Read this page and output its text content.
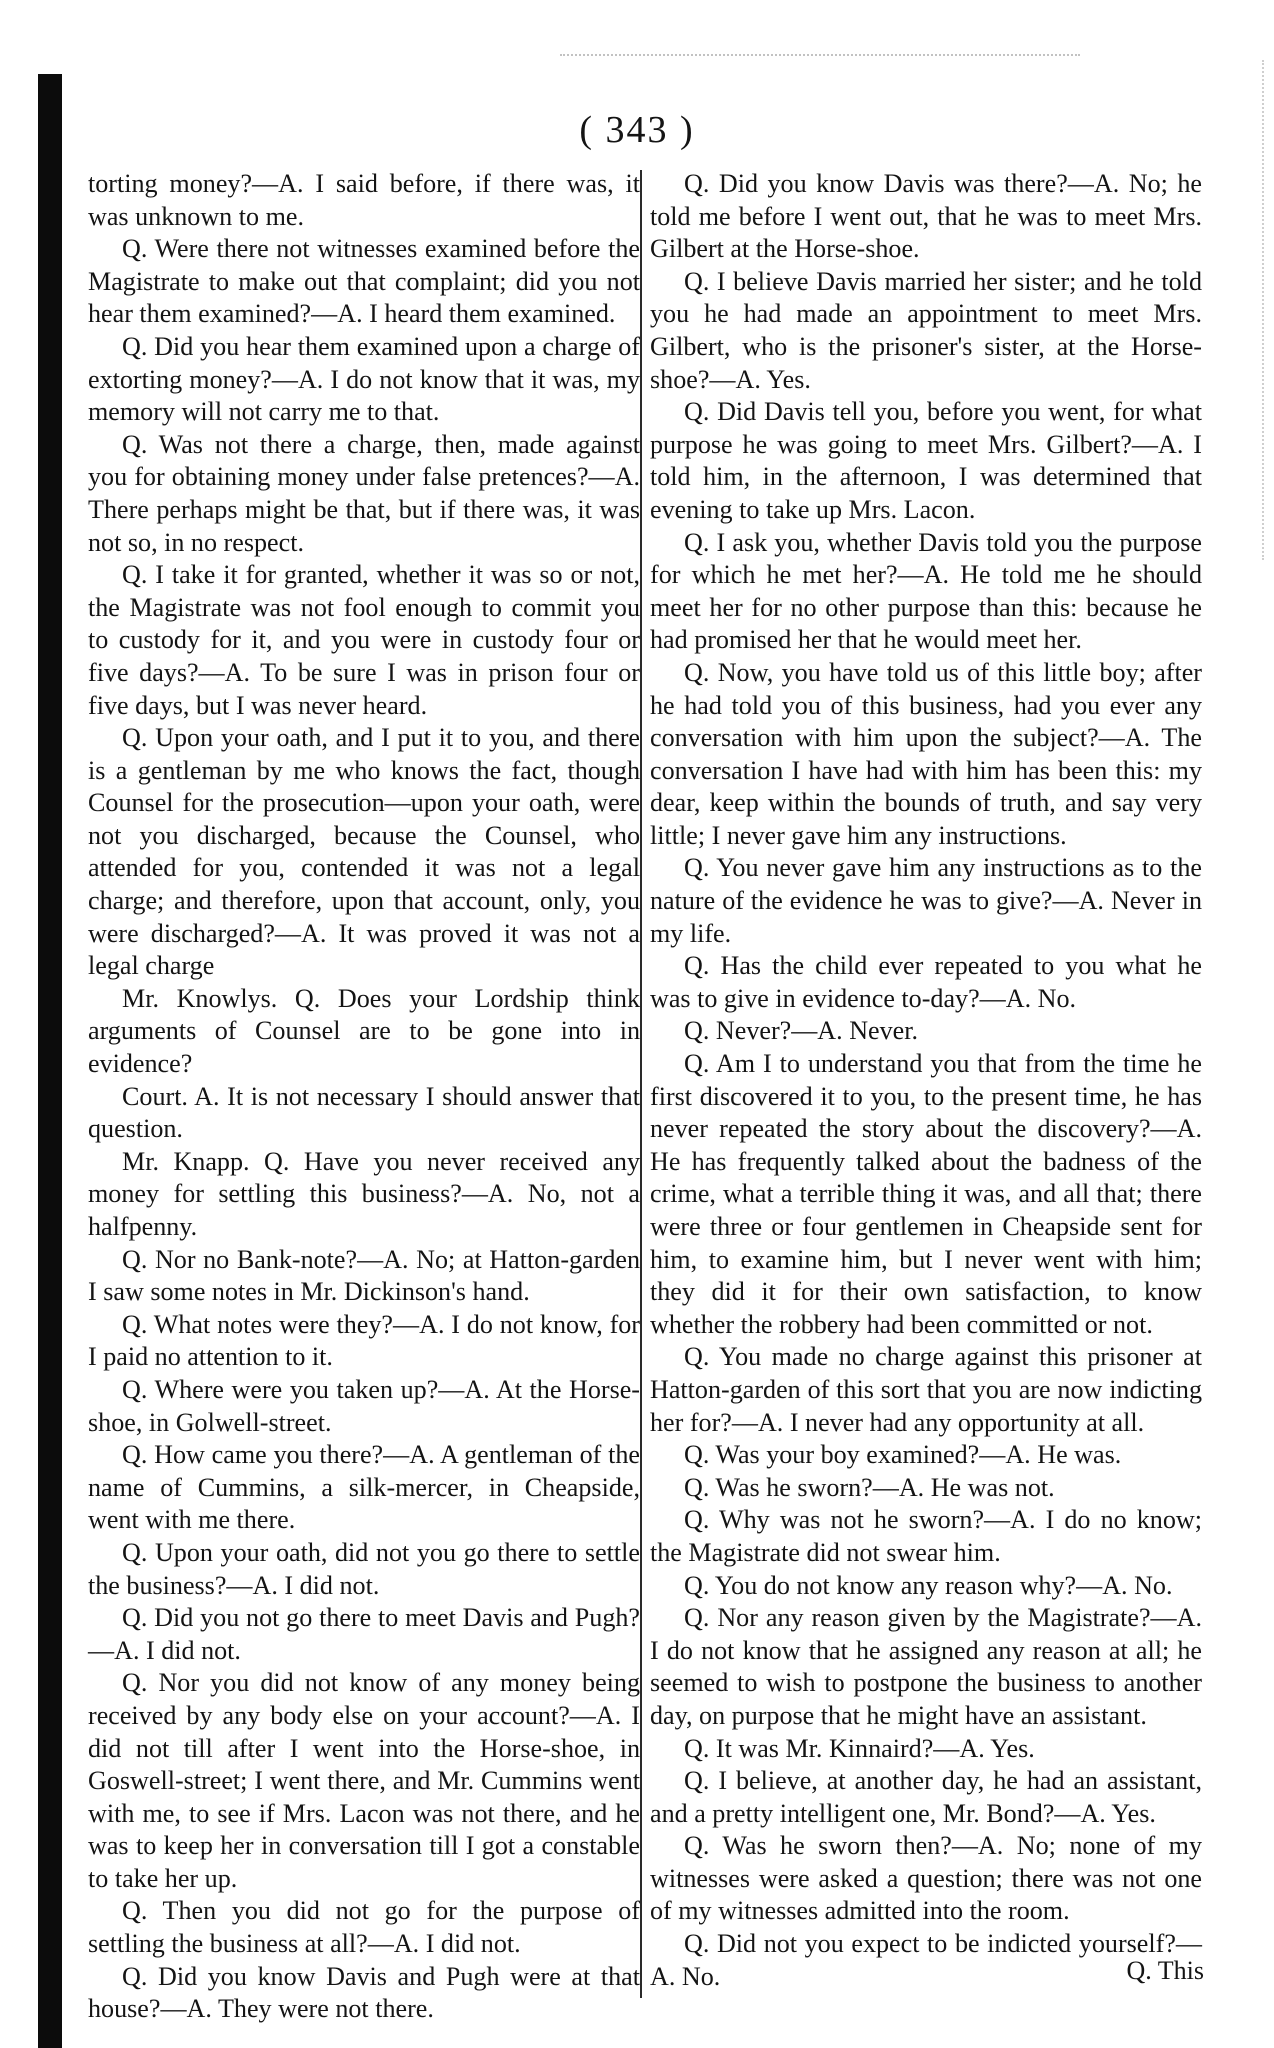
( 343 )

torting money?—A. I said before, if there was, it was unknown to me.

Q. Were there not witnesses examined before the Magistrate to make out that complaint; did you not hear them examined?—A. I heard them examined.

Q. Did you hear them examined upon a charge of extorting money?—A. I do not know that it was, my memory will not carry me to that.

Q. Was not there a charge, then, made against you for obtaining money under false pretences?—A. There perhaps might be that, but if there was, it was not so, in no respect.

Q. I take it for granted, whether it was so or not, the Magistrate was not fool enough to commit you to custody for it, and you were in custody four or five days?—A. To be sure I was in prison four or five days, but I was never heard.

Q. Upon your oath, and I put it to you, and there is a gentleman by me who knows the fact, though Counsel for the prosecution—upon your oath, were not you discharged, because the Counsel, who attended for you, contended it was not a legal charge; and therefore, upon that account, only, you were discharged?—A. It was proved it was not a legal charge

Mr. Knowlys. Q. Does your Lordship think arguments of Counsel are to be gone into in evidence?

Court. A. It is not necessary I should answer that question.

Mr. Knapp. Q. Have you never received any money for settling this business?—A. No, not a halfpenny.

Q. Nor no Bank-note?—A. No; at Hatton-garden I saw some notes in Mr. Dickinson's hand.

Q. What notes were they?—A. I do not know, for I paid no attention to it.

Q. Where were you taken up?—A. At the Horse-shoe, in Golwell-street.

Q. How came you there?—A. A gentleman of the name of Cummins, a silk-mercer, in Cheapside, went with me there.

Q. Upon your oath, did not you go there to settle the business?—A. I did not.

Q. Did you not go there to meet Davis and Pugh?—A. I did not.

Q. Nor you did not know of any money being received by any body else on your account?—A. I did not till after I went into the Horse-shoe, in Goswell-street; I went there, and Mr. Cummins went with me, to see if Mrs. Lacon was not there, and he was to keep her in conversation till I got a constable to take her up.

Q. Then you did not go for the purpose of settling the business at all?—A. I did not.

Q. Did you know Davis and Pugh were at that house?—A. They were not there.

Q. Did you know Davis was there?—A. No; he told me before I went out, that he was to meet Mrs. Gilbert at the Horse-shoe.

Q. I believe Davis married her sister; and he told you he had made an appointment to meet Mrs. Gilbert, who is the prisoner's sister, at the Horse-shoe?—A. Yes.

Q. Did Davis tell you, before you went, for what purpose he was going to meet Mrs. Gilbert?—A. I told him, in the afternoon, I was determined that evening to take up Mrs. Lacon.

Q. I ask you, whether Davis told you the purpose for which he met her?—A. He told me he should meet her for no other purpose than this: because he had promised her that he would meet her.

Q. Now, you have told us of this little boy; after he had told you of this business, had you ever any conversation with him upon the subject?—A. The conversation I have had with him has been this: my dear, keep within the bounds of truth, and say very little; I never gave him any instructions.

Q. You never gave him any instructions as to the nature of the evidence he was to give?—A. Never in my life.

Q. Has the child ever repeated to you what he was to give in evidence to-day?—A. No.

Q. Never?—A. Never.

Q. Am I to understand you that from the time he first discovered it to you, to the present time, he has never repeated the story about the discovery?—A. He has frequently talked about the badness of the crime, what a terrible thing it was, and all that; there were three or four gentlemen in Cheapside sent for him, to examine him, but I never went with him; they did it for their own satisfaction, to know whether the robbery had been committed or not.

Q. You made no charge against this prisoner at Hatton-garden of this sort that you are now indicting her for?—A. I never had any opportunity at all.

Q. Was your boy examined?—A. He was.

Q. Was he sworn?—A. He was not.

Q. Why was not he sworn?—A. I do no know; the Magistrate did not swear him.

Q. You do not know any reason why?—A. No.

Q. Nor any reason given by the Magistrate?—A. I do not know that he assigned any reason at all; he seemed to wish to postpone the business to another day, on purpose that he might have an assistant.

Q. It was Mr. Kinnaird?—A. Yes.

Q. I believe, at another day, he had an assistant, and a pretty intelligent one, Mr. Bond?—A. Yes.

Q. Was he sworn then?—A. No; none of my witnesses were asked a question; there was not one of my witnesses admitted into the room.

Q. Did not you expect to be indicted yourself?—A. No.	Q. This
